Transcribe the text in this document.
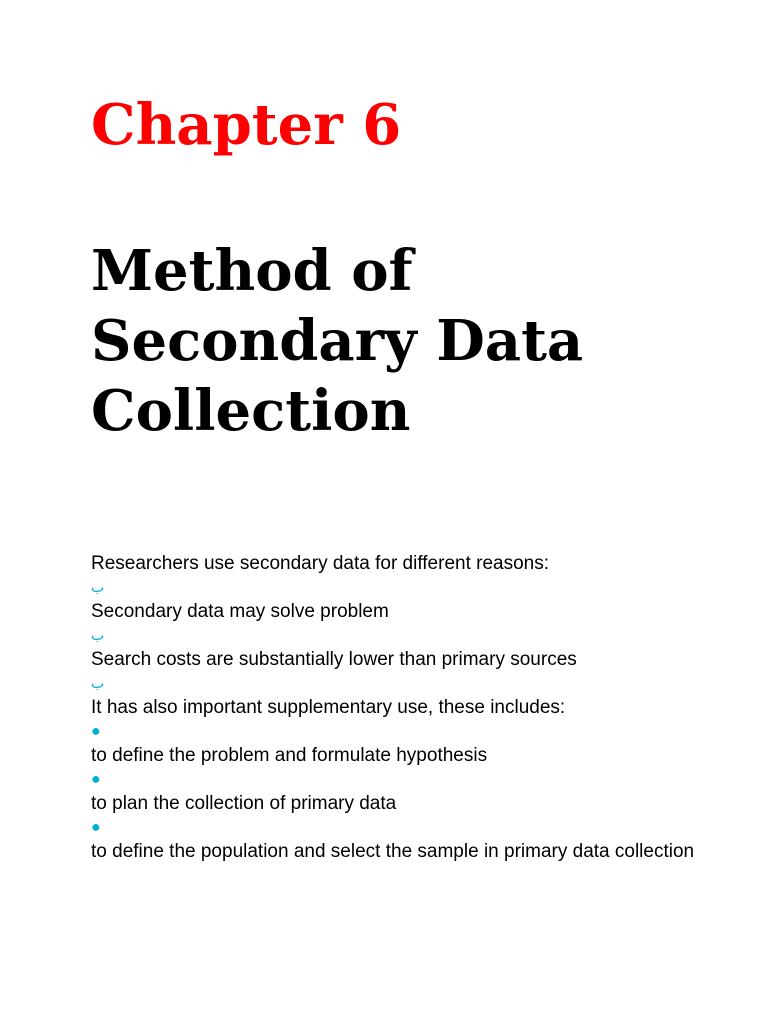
Chapter 6
Method of
Secondary Data
Collection
Researchers use secondary data for different reasons:
ب
Secondary data may solve problem
ب
Search costs are substantially lower than primary sources
ب
It has also important supplementary use, these includes:
●
to define the problem and formulate hypothesis
●
to plan the collection of primary data
●
to define the population and select the sample in primary data collection
